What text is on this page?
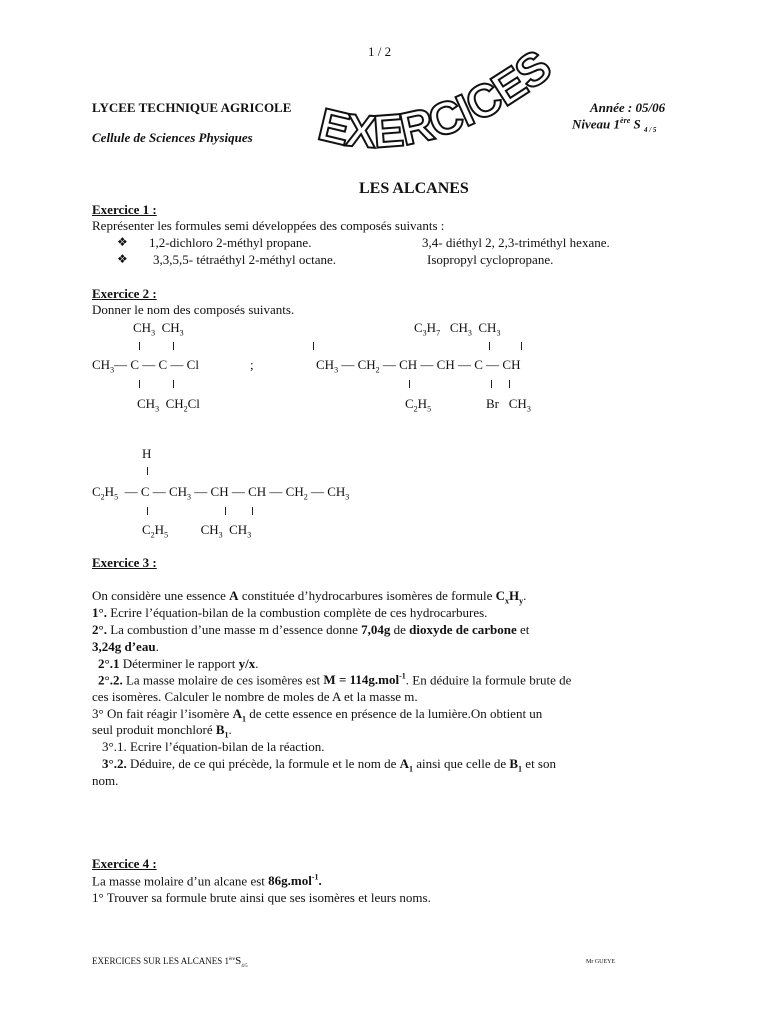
1 / 2
LYCEE TECHNIQUE AGRICOLE
Cellule de Sciences Physiques EXERCICES
Année : 05/06
Niveau 1ère S $_{4 / 5}$
LES ALCANES
Exercice 1 :
Représenter les formules semi développées des composés suivants :
❖ 1,2-dichloro 2-méthyl propane.	3,4- diéthyl 2, 2,3-triméthyl hexane.
❖ 3,3,5,5- tétraéthyl 2-méthyl octane.	Isopropyl cyclopropane.
Exercice 2 :
Donner le nom des composés suivants.
$CH_3$ $CH_3$
$CH_3—$ C — C — Cl	;
$CH_3$ $CH_2Cl$
$C_3H_7$ $CH_3$ $CH_3$
$CH_3$ — $CH_2$ — CH — CH — C — CH
$C_2H_5$	Br $CH_3$
H
$C_2H_5$ — C — $CH_3$ — CH — CH — $CH_2$ — $CH_3$
$C_2H_5$	$CH_3$ $CH_3$
Exercice 3 :
On considère une essence A constituée d’hydrocarbures isomères de formule $C_xH_y$.
1°. Ecrire l’équation-bilan de la combustion complète de ces hydrocarbures.
2°. La combustion d’une masse m d’essence donne 7,04g de dioxyde de carbone et
3,24g d’eau.
2°.1 Déterminer le rapport y/x.
2°.2. La masse molaire de ces isomères est M = 114g.mol$^{-1}$. En déduire la formule brute de
ces isomères. Calculer le nombre de moles de A et la masse m.
3° On fait réagir l’isomère $A_1$ de cette essence en présence de la lumière.On obtient un
seul produit monchloré $B_1$.
3°.1. Ecrire l’équation-bilan de la réaction.
3°.2. Déduire, de ce qui précède, la formule et le nom de $A_1$ ainsi que celle de $B_1$ et son
nom.
Exercice 4 :
La masse molaire d’un alcane est 86g.mol$^{-1}$.
1° Trouver sa formule brute ainsi que ses isomères et leurs noms.
EXERCICES SUR LES ALCANES $1èreS_{4/5}$
Mr GUEYE
